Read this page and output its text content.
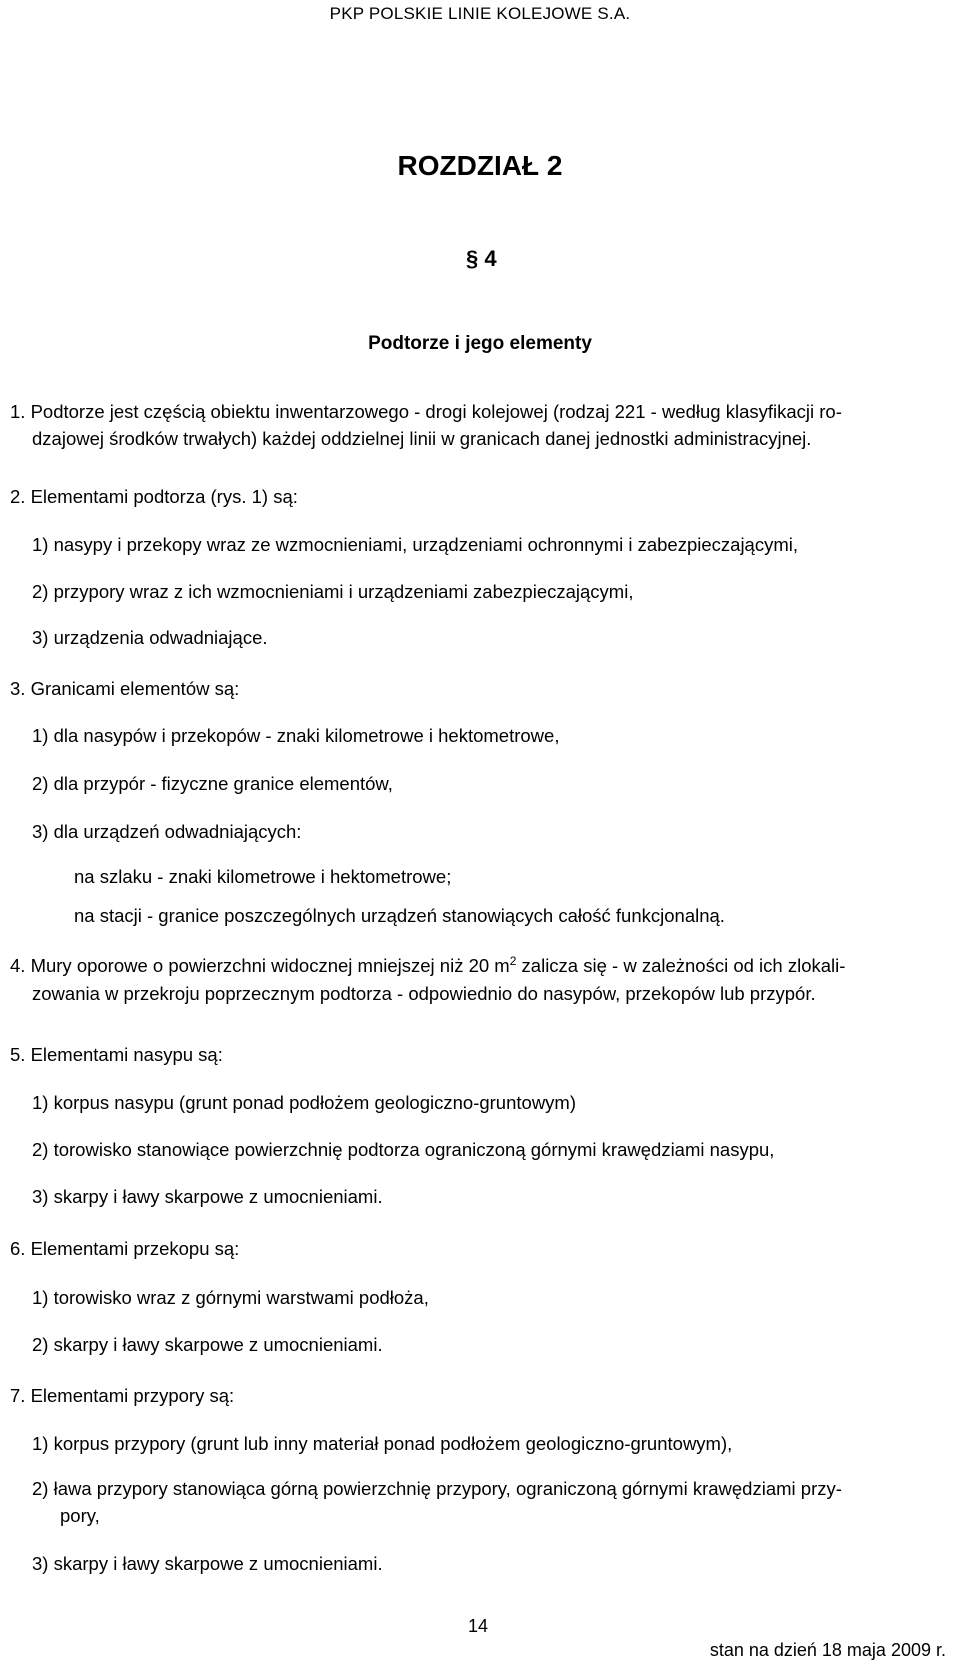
PKP POLSKIE LINIE KOLEJOWE S.A.
ROZDZIAŁ 2
§ 4
Podtorze i jego elementy
1. Podtorze jest częścią obiektu inwentarzowego - drogi kolejowej (rodzaj 221 - według klasyfikacji ro-
dzajowej środków trwałych) każdej oddzielnej linii w granicach danej jednostki administracyjnej.
2. Elementami podtorza (rys. 1) są:
1) nasypy i przekopy wraz ze wzmocnieniami, urządzeniami ochronnymi i zabezpieczającymi,
2) przypory wraz z ich wzmocnieniami i urządzeniami zabezpieczającymi,
3) urządzenia odwadniające.
3. Granicami elementów są:
1) dla nasypów i przekopów - znaki kilometrowe i hektometrowe,
2) dla przypór - fizyczne granice elementów,
3) dla urządzeń odwadniających:
na szlaku - znaki kilometrowe i hektometrowe;
na stacji - granice poszczególnych urządzeń stanowiących całość funkcjonalną.
4. Mury oporowe o powierzchni widocznej mniejszej niż 20 $m^2$ zalicza się - w zależności od ich zlokali-
zowania w przekroju poprzecznym podtorza - odpowiednio do nasypów, przekopów lub przypór.
5. Elementami nasypu są:
1) korpus nasypu (grunt ponad podłożem geologiczno-gruntowym)
2) torowisko stanowiące powierzchnię podtorza ograniczoną górnymi krawędziami nasypu,
3) skarpy i ławy skarpowe z umocnieniami.
6. Elementami przekopu są:
1) torowisko wraz z górnymi warstwami podłoża,
2) skarpy i ławy skarpowe z umocnieniami.
7. Elementami przypory są:
1) korpus przypory (grunt lub inny materiał ponad podłożem geologiczno-gruntowym),
2) ława przypory stanowiąca górną powierzchnię przypory, ograniczoną górnymi krawędziami przy-
pory,
3) skarpy i ławy skarpowe z umocnieniami.
14
stan na dzień 18 maja 2009 r.
